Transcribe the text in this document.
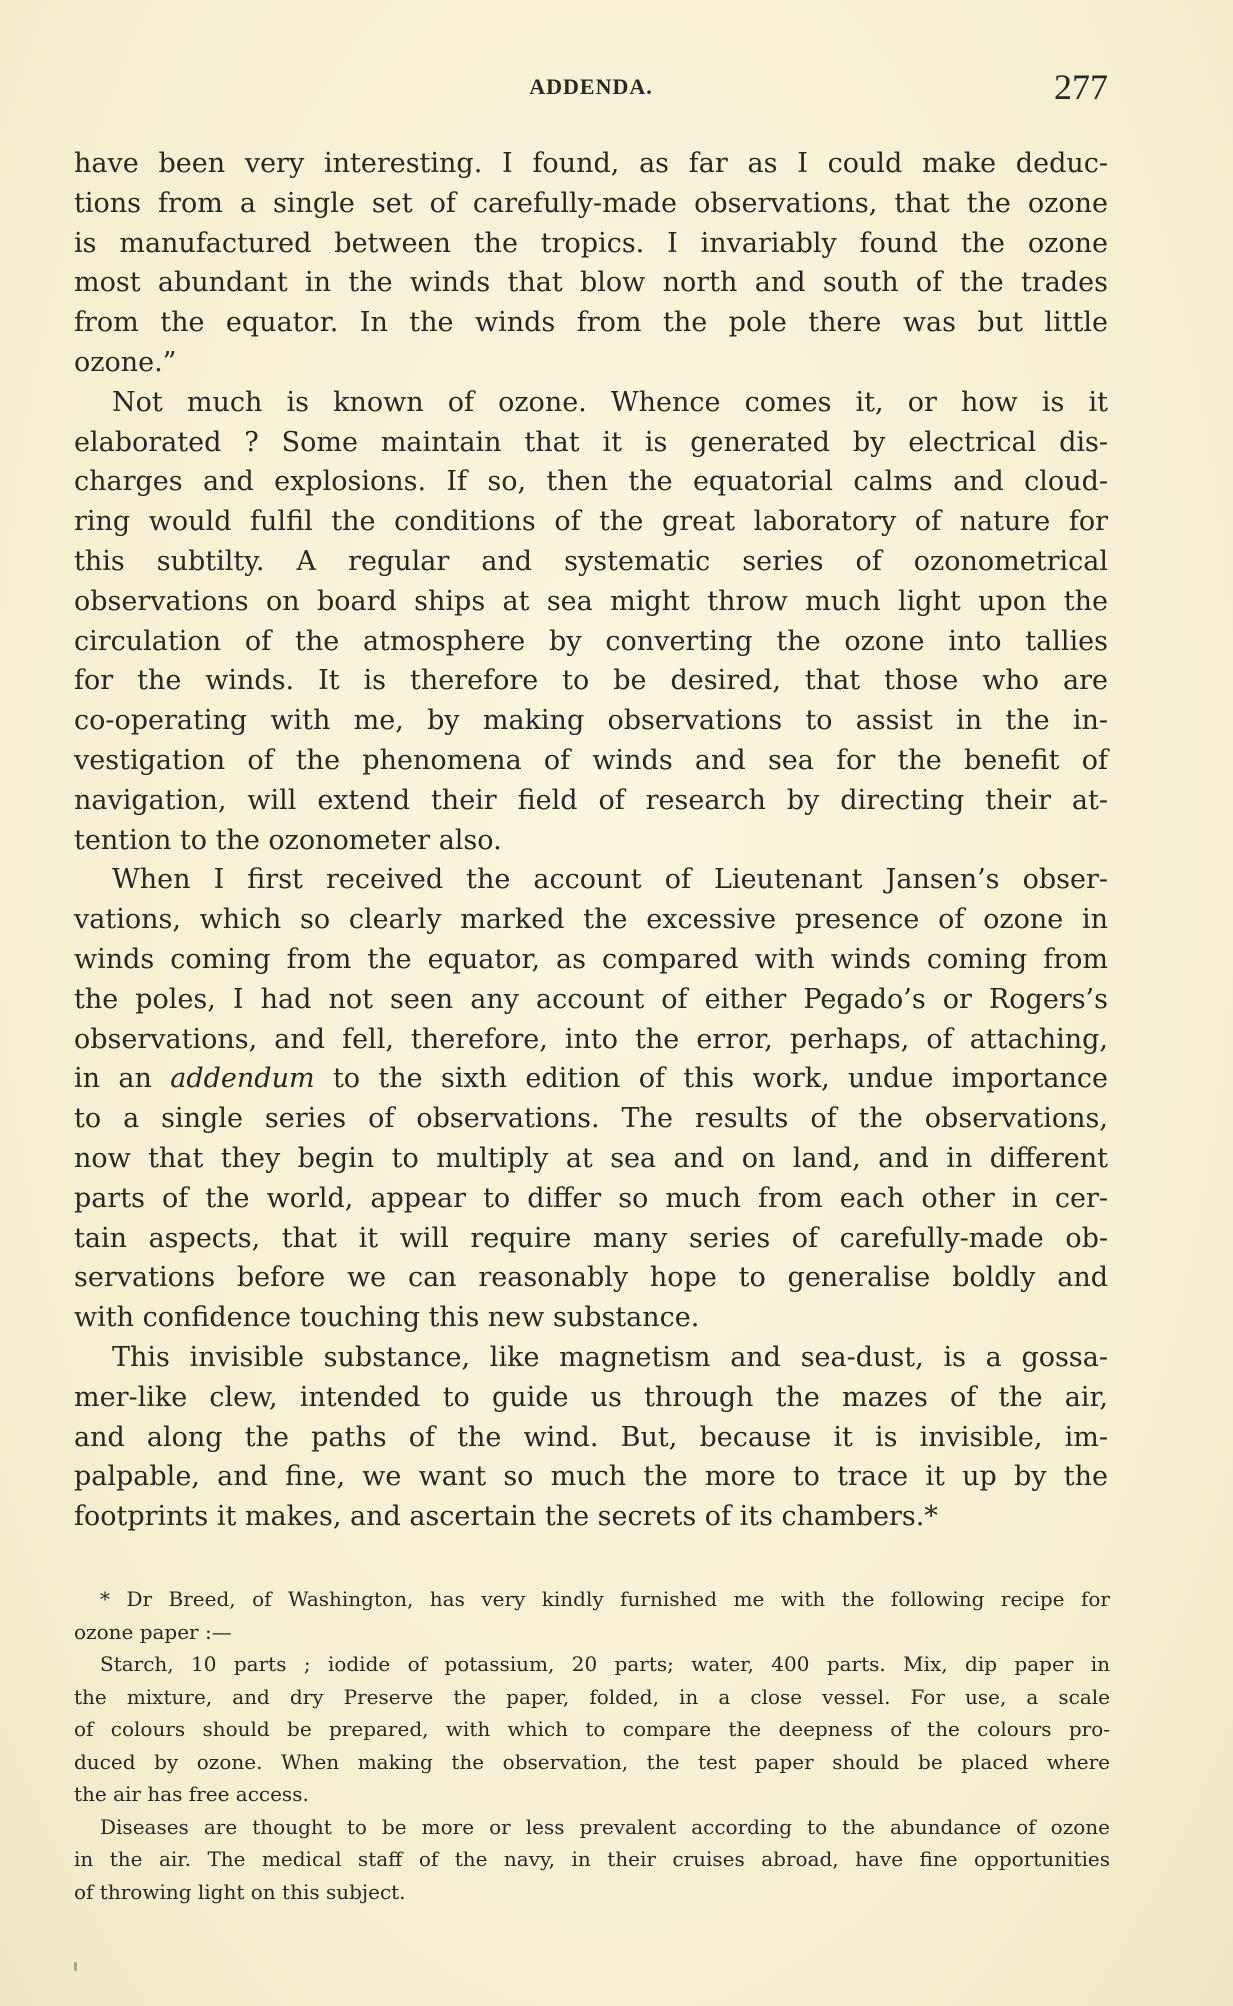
ADDENDA.	277
have been very interesting. I found, as far as I could make deduc-
tions from a single set of carefully-made observations, that the ozone
is manufactured between the tropics. I invariably found the ozone
most abundant in the winds that blow north and south of the trades
from the equator. In the winds from the pole there was but little
ozone.”
Not much is known of ozone. Whence comes it, or how is it
elaborated ? Some maintain that it is generated by electrical dis-
charges and explosions. If so, then the equatorial calms and cloud-
ring would fulfil the conditions of the great laboratory of nature for
this subtilty. A regular and systematic series of ozonometrical
observations on board ships at sea might throw much light upon the
circulation of the atmosphere by converting the ozone into tallies
for the winds. It is therefore to be desired, that those who are
co-operating with me, by making observations to assist in the in-
vestigation of the phenomena of winds and sea for the benefit of
navigation, will extend their field of research by directing their at-
tention to the ozonometer also.
When I first received the account of Lieutenant Jansen’s obser-
vations, which so clearly marked the excessive presence of ozone in
winds coming from the equator, as compared with winds coming from
the poles, I had not seen any account of either Pegado’s or Rogers’s
observations, and fell, therefore, into the error, perhaps, of attaching,
in an addendum to the sixth edition of this work, undue importance
to a single series of observations. The results of the observations,
now that they begin to multiply at sea and on land, and in different
parts of the world, appear to differ so much from each other in cer-
tain aspects, that it will require many series of carefully-made ob-
servations before we can reasonably hope to generalise boldly and
with confidence touching this new substance.
This invisible substance, like magnetism and sea-dust, is a gossa-
mer-like clew, intended to guide us through the mazes of the air,
and along the paths of the wind. But, because it is invisible, im-
palpable, and fine, we want so much the more to trace it up by the
footprints it makes, and ascertain the secrets of its chambers.*
* Dr Breed, of Washington, has very kindly furnished me with the following recipe for
ozone paper :—
Starch, 10 parts ; iodide of potassium, 20 parts; water, 400 parts. Mix, dip paper in
the mixture, and dry Preserve the paper, folded, in a close vessel. For use, a scale
of colours should be prepared, with which to compare the deepness of the colours pro-
duced by ozone. When making the observation, the test paper should be placed where
the air has free access.
Diseases are thought to be more or less prevalent according to the abundance of ozone
in the air. The medical staff of the navy, in their cruises abroad, have fine opportunities
of throwing light on this subject.
